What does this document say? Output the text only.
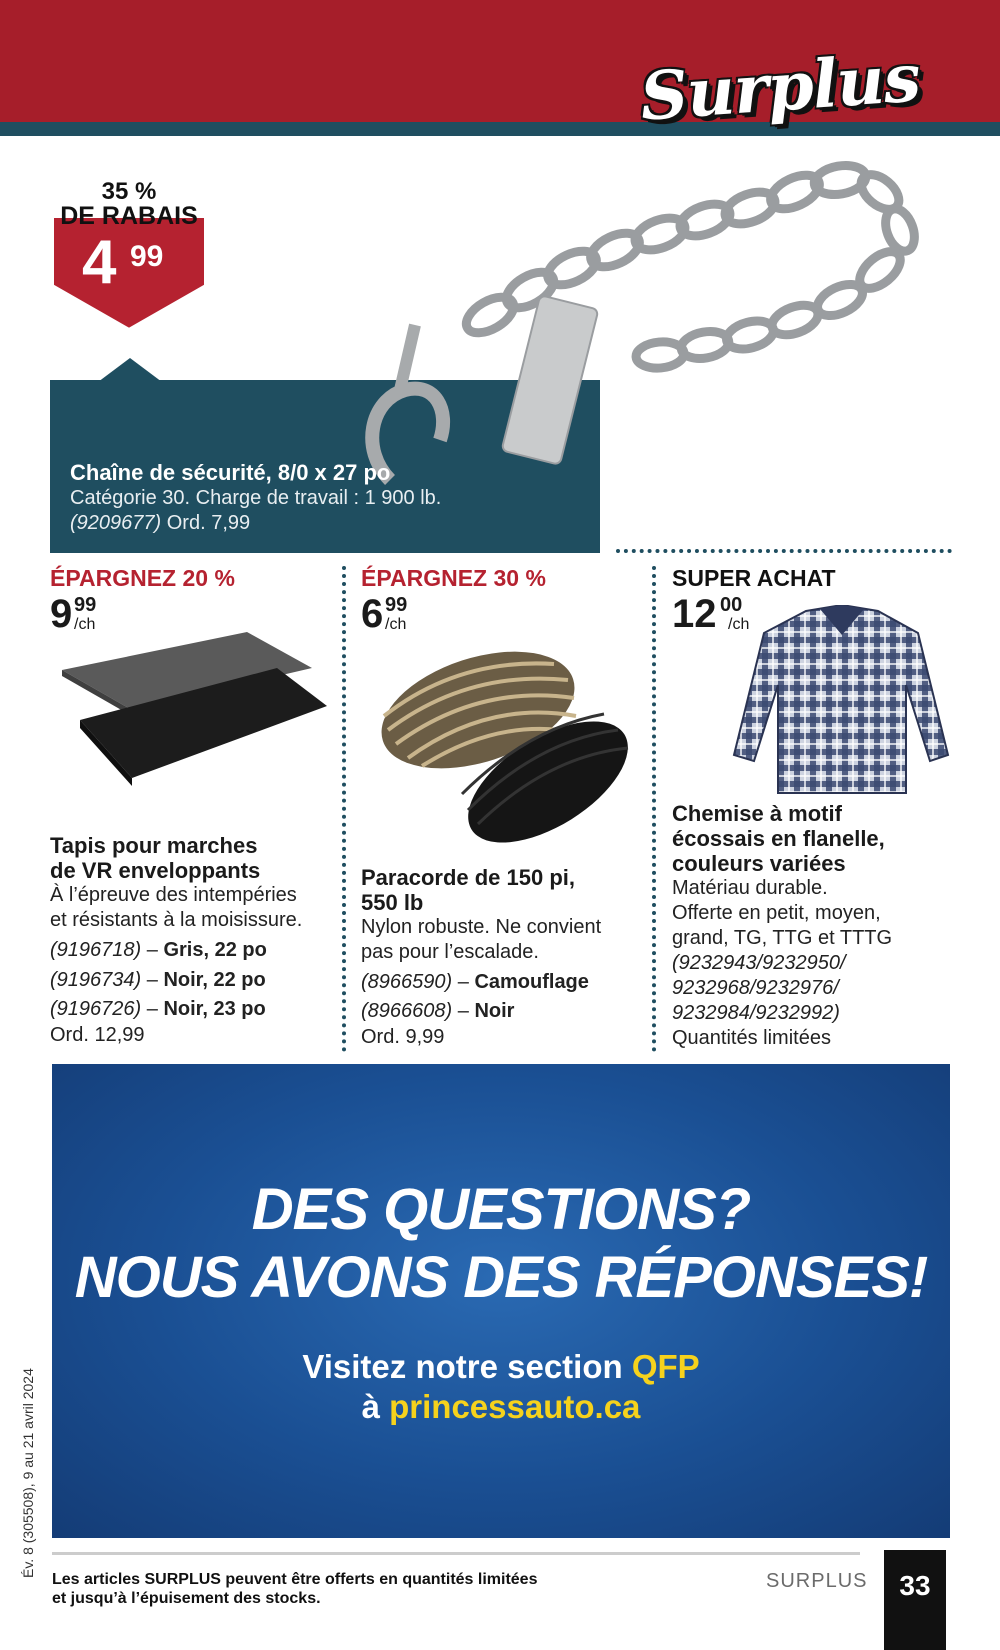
Surplus
35 %
DE RABAIS
4 99
Chaîne de sécurité, 8/0 x 27 po
Catégorie 30. Charge de travail : 1 900 lb.
(9209677) Ord. 7,99
ÉPARGNEZ 20 %
9 99
/ch
Tapis pour marches
de VR enveloppants
À l’épreuve des intempéries
et résistants à la moisissure.
(9196718) – Gris, 22 po
(9196734) – Noir, 22 po
(9196726) – Noir, 23 po
Ord. 12,99
ÉPARGNEZ 30 %
6 99
/ch
Paracorde de 150 pi,
550 lb
Nylon robuste. Ne convient
pas pour l’escalade.
(8966590) – Camouflage
(8966608) – Noir
Ord. 9,99
SUPER ACHAT
12 00
/ch
Chemise à motif
écossais en flanelle,
couleurs variées
Matériau durable.
Offerte en petit, moyen,
grand, TG, TTG et TTTG
(9232943/9232950/
9232968/9232976/
9232984/9232992)
Quantités limitées
DES QUESTIONS?
NOUS AVONS DES RÉPONSES!
Visitez notre section QFP
à princessauto.ca
Év. 8 (305508), 9 au 21 avril 2024
Les articles SURPLUS peuvent être offerts en quantités limitées
et jusqu’à l’épuisement des stocks.
SURPLUS	33
